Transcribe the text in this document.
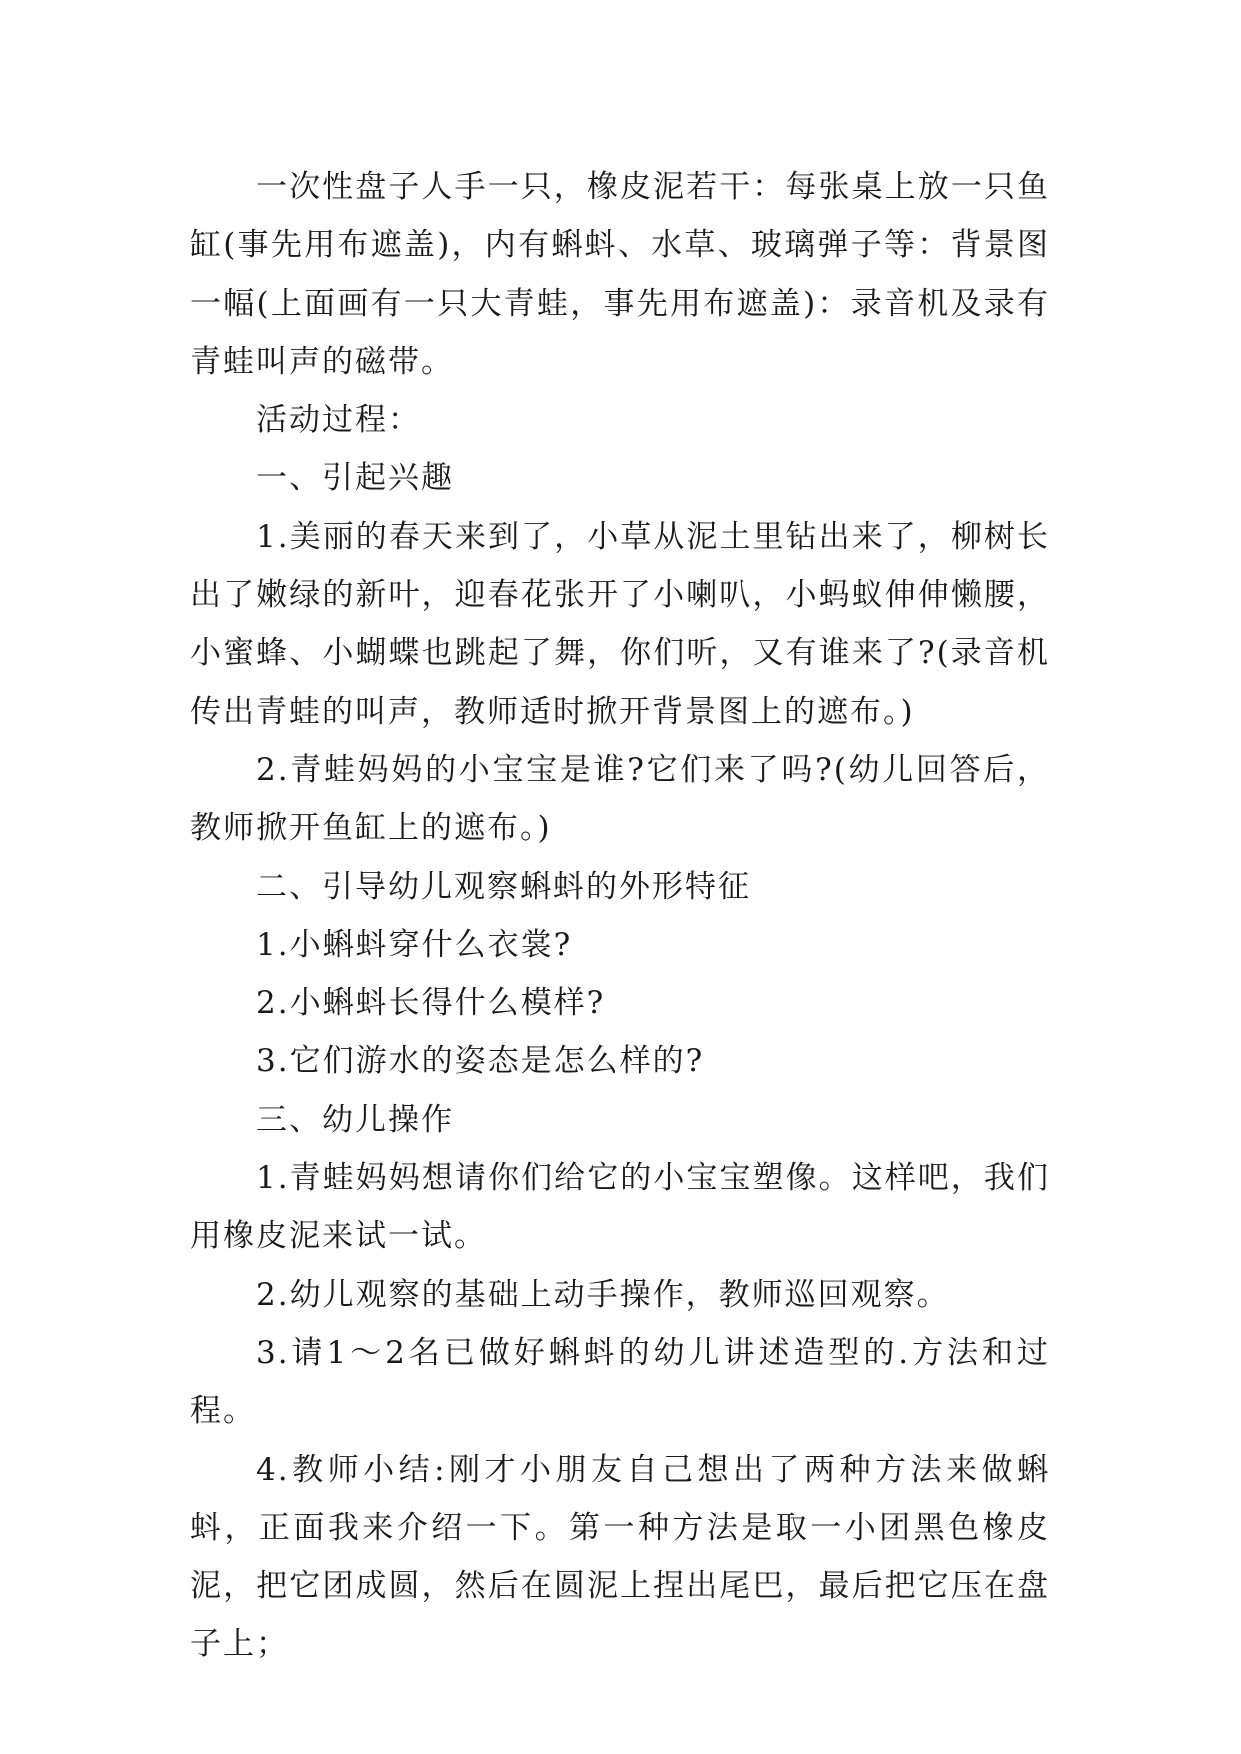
一次性盘子人手一只，橡皮泥若干：每张桌上放一只鱼缸(事先用布遮盖)，内有蝌蚪、水草、玻璃弹子等：背景图一幅(上面画有一只大青蛙，事先用布遮盖)：录音机及录有青蛙叫声的磁带。

活动过程：

一、引起兴趣

1.美丽的春天来到了，小草从泥土里钻出来了，柳树长出了嫩绿的新叶，迎春花张开了小喇叭，小蚂蚁伸伸懒腰，小蜜蜂、小蝴蝶也跳起了舞，你们听，又有谁来了?(录音机传出青蛙的叫声，教师适时掀开背景图上的遮布。)

2.青蛙妈妈的小宝宝是谁?它们来了吗?(幼儿回答后，教师掀开鱼缸上的遮布。)

二、引导幼儿观察蝌蚪的外形特征

1.小蝌蚪穿什么衣裳?

2.小蝌蚪长得什么模样?

3.它们游水的姿态是怎么样的?

三、幼儿操作

1.青蛙妈妈想请你们给它的小宝宝塑像。这样吧，我们用橡皮泥来试一试。

2.幼儿观察的基础上动手操作，教师巡回观察。

3.请1～2名已做好蝌蚪的幼儿讲述造型的.方法和过程。

4.教师小结:刚才小朋友自己想出了两种方法来做蝌蚪，正面我来介绍一下。第一种方法是取一小团黑色橡皮泥，把它团成圆，然后在圆泥上捏出尾巴，最后把它压在盘子上；
